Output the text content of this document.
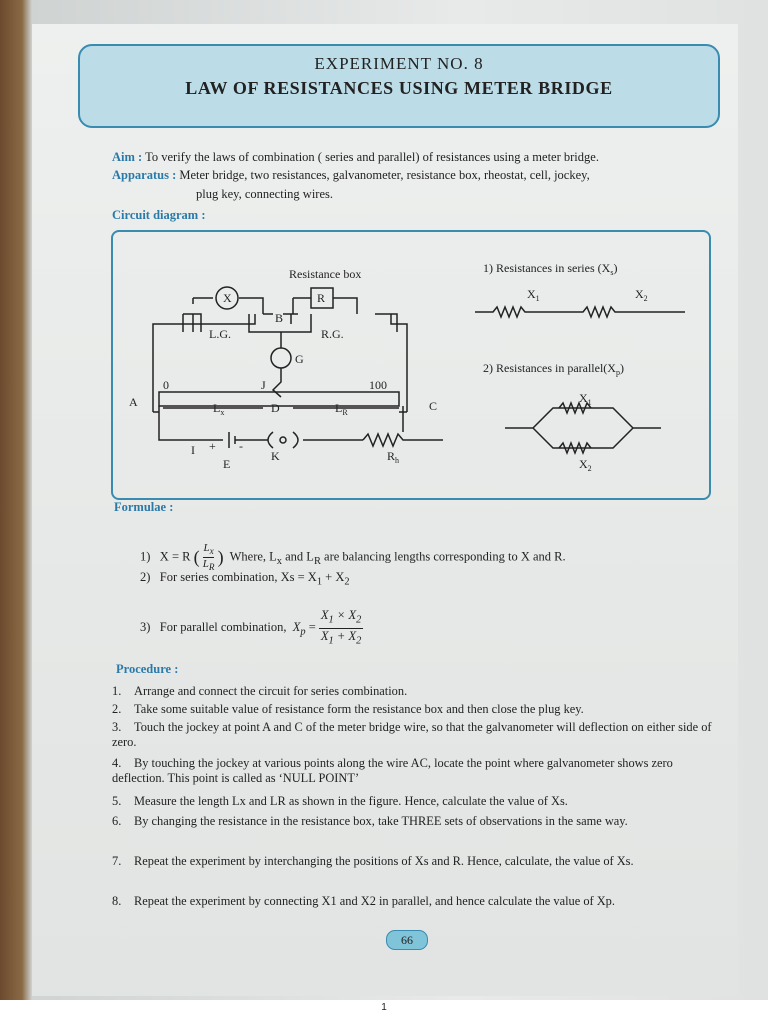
EXPERIMENT NO. 8
LAW OF RESISTANCES USING METER BRIDGE
Aim : To verify the laws of combination ( series and parallel) of resistances using a meter bridge.
Apparatus : Meter bridge, two resistances, galvanometer, resistance box, rheostat, cell, jockey,
plug key, connecting wires.
Circuit diagram :
Resistance box
X	R
B
L.G.	R.G.
G
J
0	100
A	C
D
$L_x$	$L_R$
I + -
E
K	$R_h$
1) Resistances in series $(X_s)$
$X_1$	$X_2$
2) Resistances in $parallel(X_p)$
$X_1$
$X_2$
Formulae :
1) X = R ( $\frac{L_x}{L_R}$ ) Where, $L_x$ and $L_R$ are balancing lengths corresponding to X and R.
2) For series combination, $Xs = X_1 + X_2$
3) For parallel combination, $X_p = \frac{X_1 \times X_2}{X_1 + X_2}$
Procedure :
1. Arrange and connect the circuit for series combination.
2. Take some suitable value of resistance form the resistance box and then close the plug key.
3. Touch the jockey at point A and C of the meter bridge wire, so that the galvanometer will deflection on either side of zero.
4. By touching the jockey at various points along the wire AC, locate the point where galvanometer shows zero deflection. This point is called as ‘NULL POINT’
5. Measure the length Lx and LR as shown in the figure. Hence, calculate the value of Xs.
6. By changing the resistance in the resistance box, take THREE sets of observations in the same way.
7. Repeat the experiment by interchanging the positions of Xs and R. Hence, calculate, the value of Xs.
8. Repeat the experiment by connecting X1 and X2 in parallel, and hence calculate the value of Xp.
66
1
